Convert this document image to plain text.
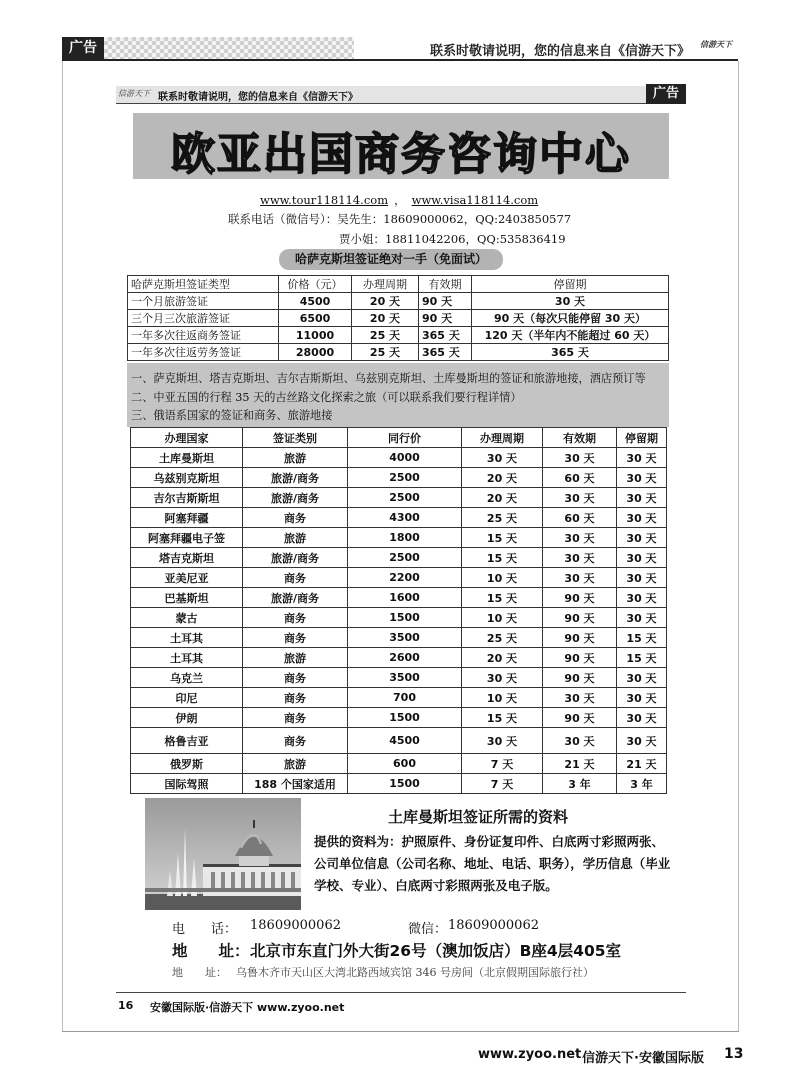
广告	联系时敬请说明，您的信息来自《信游天下》 信游天下
信游天下 联系时敬请说明，您的信息来自《信游天下》	广告
欧亚出国商务咨询中心
www.tour118114.com ， www.visa118114.com
联系电话（微信号）：吴先生：18609000062，QQ:2403850577
贾小姐：18811042206，QQ:535836419
哈萨克斯坦签证绝对一手（免面试）
哈萨克斯坦签证类型	价格（元）	办理周期	有效期	停留期
一个月旅游签证	4500	20 天	90 天	30 天
三个月三次旅游签证	6500	20 天	90 天	90 天（每次只能停留 30 天）
一年多次往返商务签证	11000	25 天	365 天	120 天（半年内不能超过 60 天）
一年多次往返劳务签证	28000	25 天	365 天	365 天
一、萨克斯坦、塔吉克斯坦、吉尔吉斯斯坦、乌兹别克斯坦、土库曼斯坦的签证和旅游地接，酒店预订等
二、中亚五国的行程 35 天的古丝路文化探索之旅（可以联系我们要行程详情）
三、俄语系国家的签证和商务、旅游地接
办理国家	签证类别	同行价	办理周期	有效期	停留期
土库曼斯坦	旅游	4000	30 天	30 天	30 天
乌兹别克斯坦	旅游/商务	2500	20 天	60 天	30 天
吉尔吉斯斯坦	旅游/商务	2500	20 天	30 天	30 天
阿塞拜疆	商务	4300	25 天	60 天	30 天
阿塞拜疆电子签	旅游	1800	15 天	30 天	30 天
塔吉克斯坦	旅游/商务	2500	15 天	30 天	30 天
亚美尼亚	商务	2200	10 天	30 天	30 天
巴基斯坦	旅游/商务	1600	15 天	90 天	30 天
蒙古	商务	1500	10 天	90 天	30 天
土耳其	商务	3500	25 天	90 天	15 天
土耳其	旅游	2600	20 天	90 天	15 天
乌克兰	商务	3500	30 天	90 天	30 天
印尼	商务	700	10 天	30 天	30 天
伊朗	商务	1500	15 天	90 天	30 天
格鲁吉亚	商务	4500	30 天	30 天	30 天
俄罗斯	旅游	600	7 天	21 天	21 天
国际驾照	188 个国家适用	1500	7 天	3 年	3 年
土库曼斯坦签证所需的资料
提供的资料为：护照原件、身份证复印件、白底两寸彩照两张、公司单位信息（公司名称、地址、电话、职务），学历信息（毕业学校、专业）、白底两寸彩照两张及电子版。
电　　话： 18609000062	微信： 18609000062
地　　址： 北京市东直门外大街26号（澳加饭店）B座4层405室
地　　址： 乌鲁木齐市天山区大湾北路西域宾馆 346 号房间（北京假期国际旅行社）
16 安徽国际版·信游天下 www.zyoo.net
www.zyoo.net 信游天下·安徽国际版 13
